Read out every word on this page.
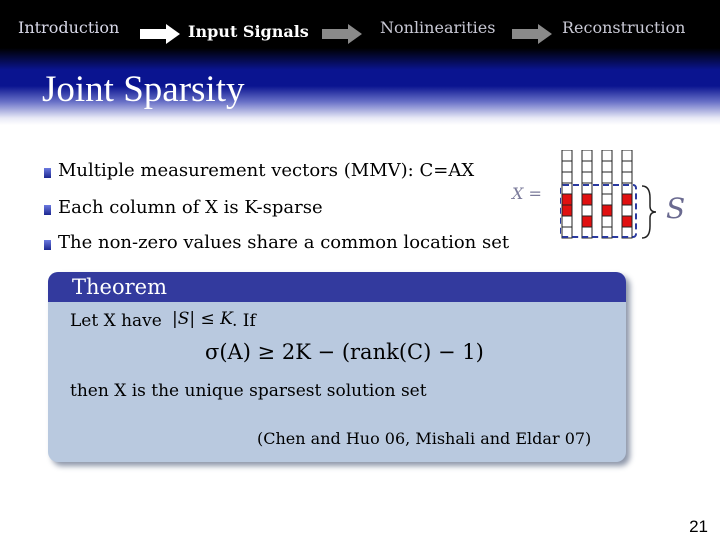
Introduction	Input Signals	Nonlinearities	Reconstruction
Joint Sparsity
Multiple measurement vectors (MMV): C=AX
Each column of X is K-sparse
The non-zero values share a common location set
X =	S
Theorem
Let X have |S| ≤ K . If
σ(A) ≥ 2K − (rank(C) − 1)
then X is the unique sparsest solution set
(Chen and Huo 06, Mishali and Eldar 07)
21
